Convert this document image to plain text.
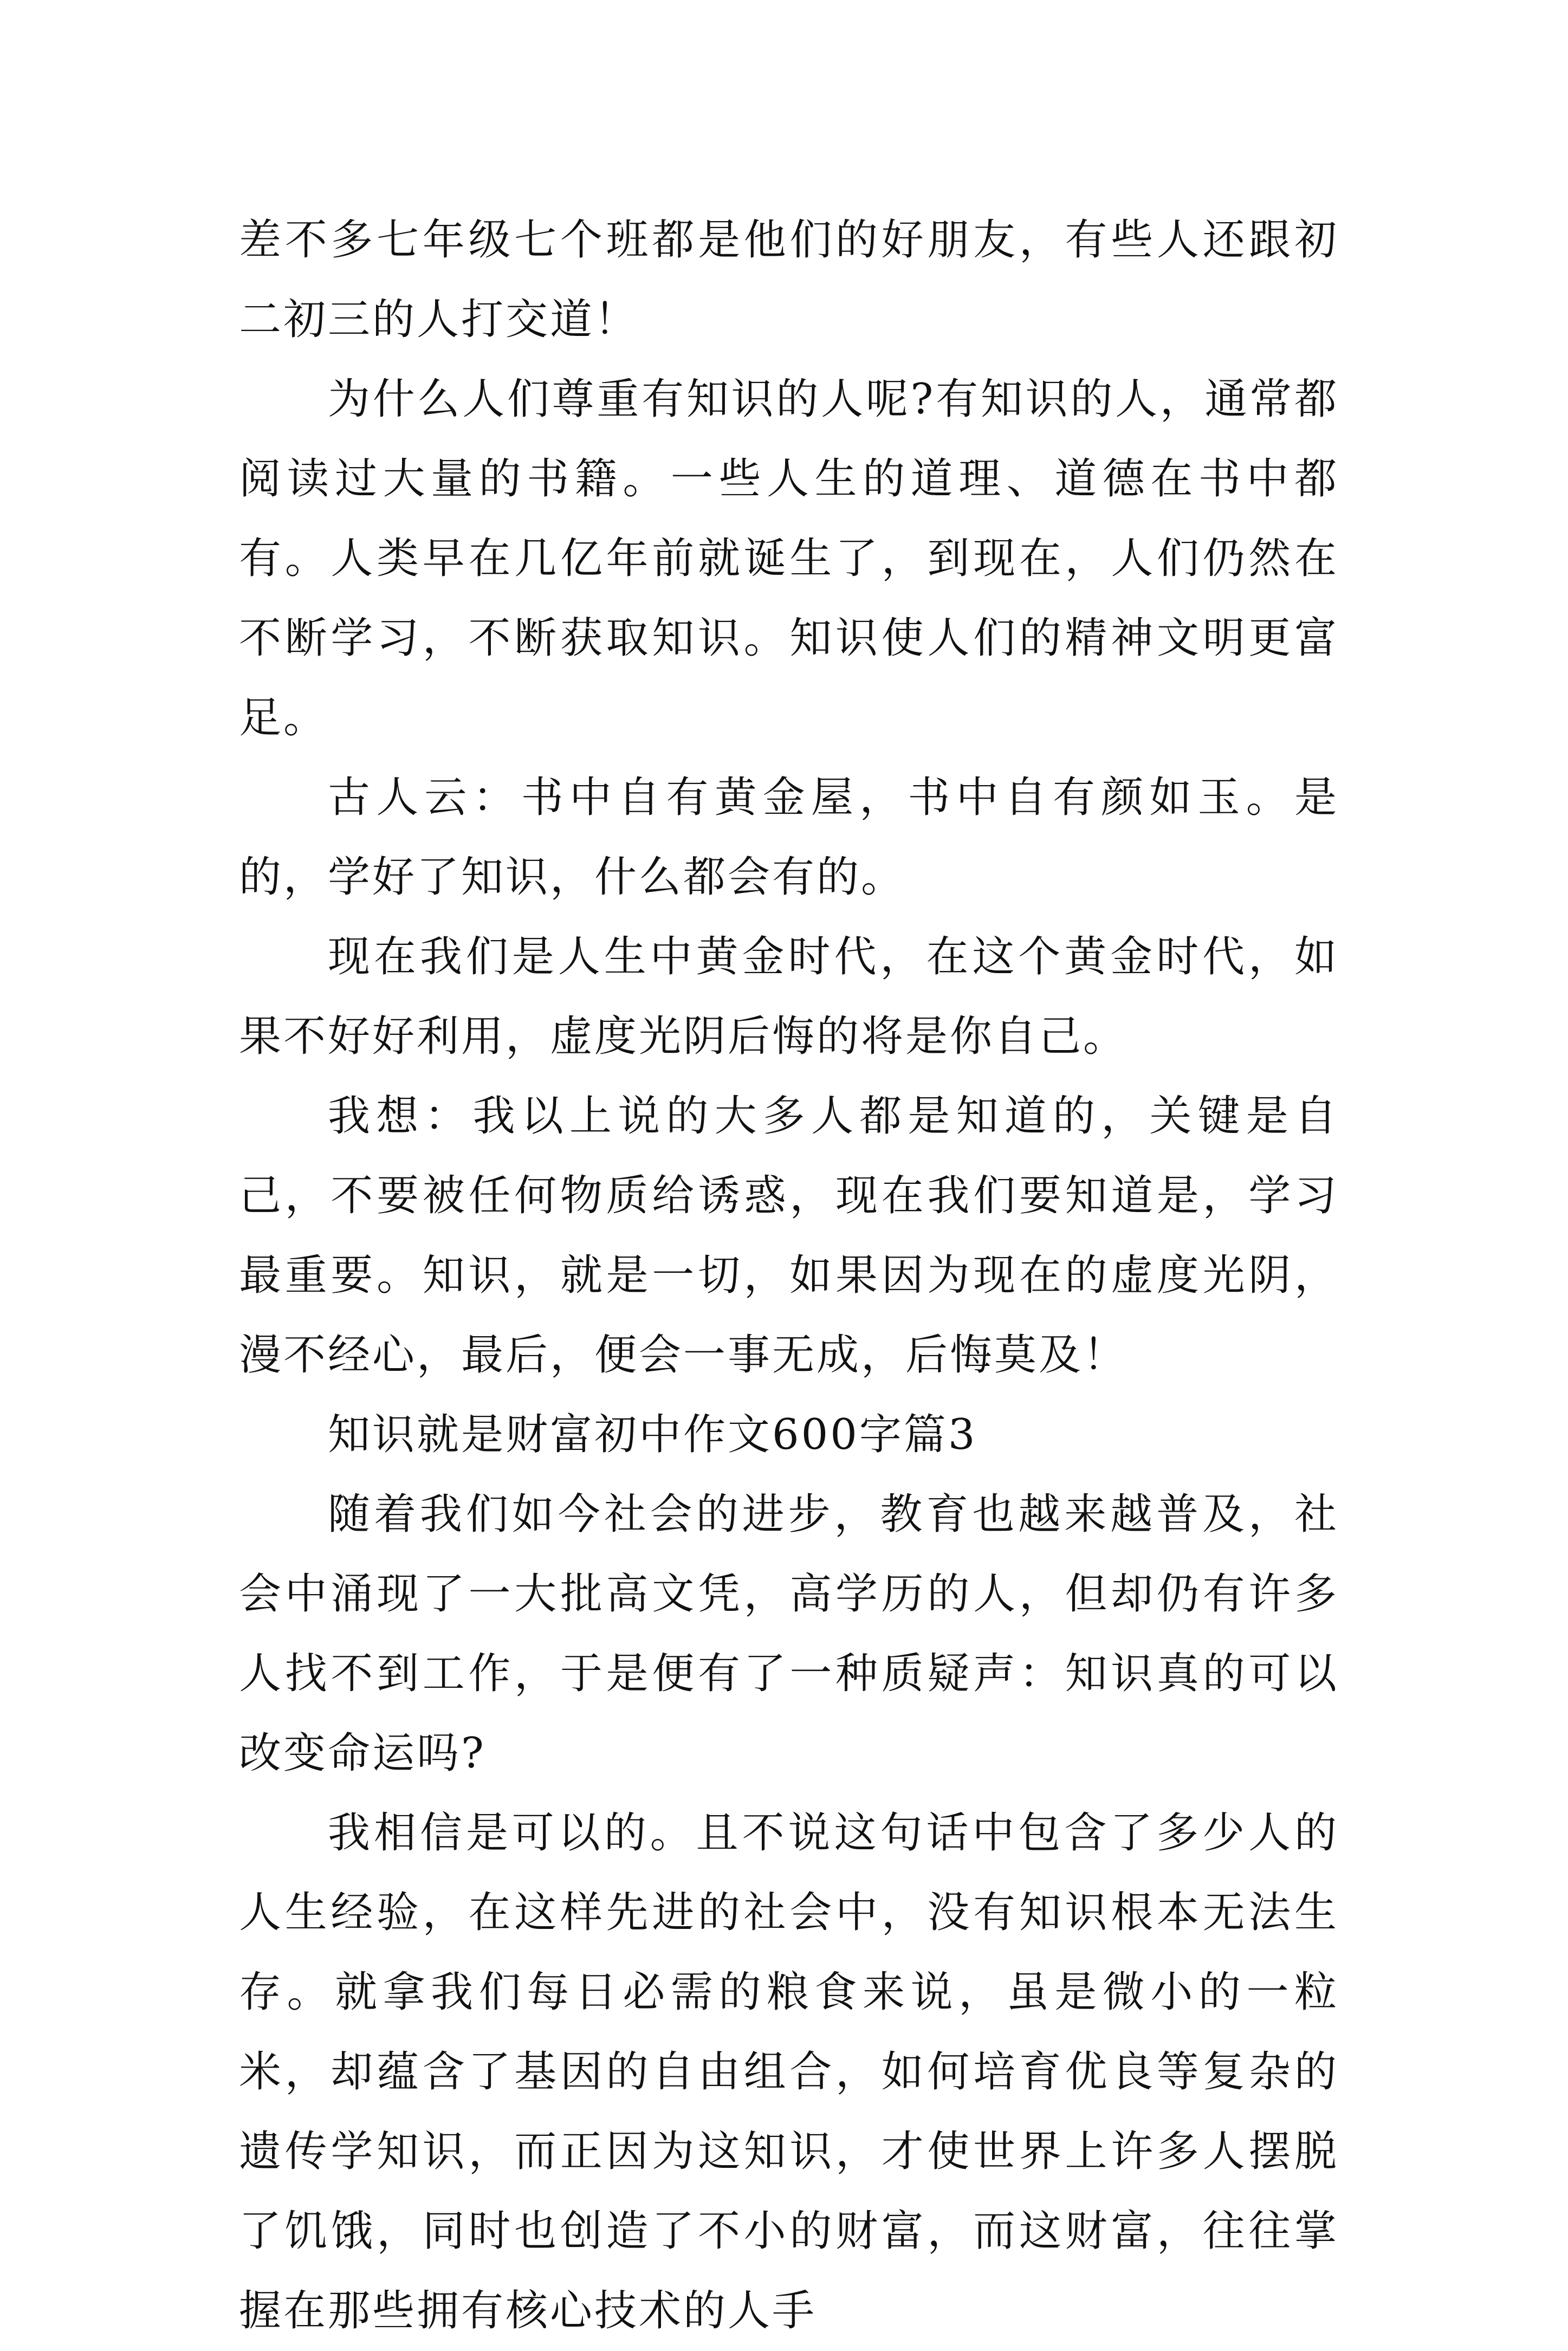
差不多七年级七个班都是他们的好朋友，有些人还跟初二初三的人打交道！

为什么人们尊重有知识的人呢?有知识的人，通常都阅读过大量的书籍。一些人生的道理、道德在书中都有。人类早在几亿年前就诞生了，到现在，人们仍然在不断学习，不断获取知识。知识使人们的精神文明更富足。

古人云：书中自有黄金屋，书中自有颜如玉。是的，学好了知识，什么都会有的。

现在我们是人生中黄金时代，在这个黄金时代，如果不好好利用，虚度光阴后悔的将是你自己。

我想：我以上说的大多人都是知道的，关键是自己，不要被任何物质给诱惑，现在我们要知道是，学习最重要。知识，就是一切，如果因为现在的虚度光阴，漫不经心，最后，便会一事无成，后悔莫及！

知识就是财富初中作文600字篇3

随着我们如今社会的进步，教育也越来越普及，社会中涌现了一大批高文凭，高学历的人，但却仍有许多人找不到工作，于是便有了一种质疑声：知识真的可以改变命运吗?

我相信是可以的。且不说这句话中包含了多少人的人生经验，在这样先进的社会中，没有知识根本无法生存。就拿我们每日必需的粮食来说，虽是微小的一粒米，却蕴含了基因的自由组合，如何培育优良等复杂的遗传学知识，而正因为这知识，才使世界上许多人摆脱了饥饿，同时也创造了不小的财富，而这财富，往往掌握在那些拥有核心技术的人手
